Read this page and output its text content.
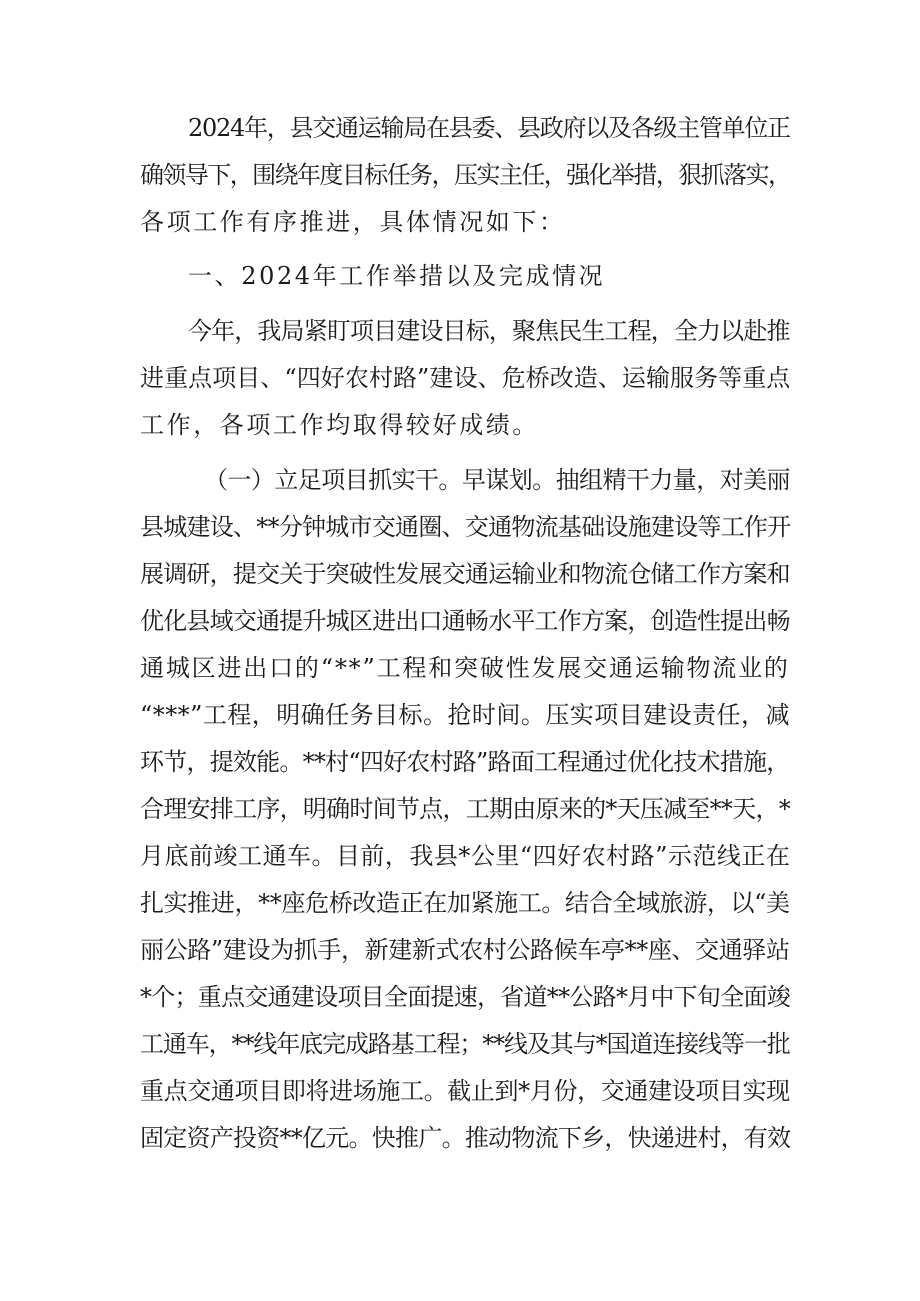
2024年，县交通运输局在县委、县政府以及各级主管单位正
确领导下，围绕年度目标任务，压实主任，强化举措，狠抓落实，
各项工作有序推进，具体情况如下：
一、2024年工作举措以及完成情况
今年，我局紧盯项目建设目标，聚焦民生工程，全力以赴推
进重点项目、“四好农村路”建设、危桥改造、运输服务等重点
工作，各项工作均取得较好成绩。
（一）立足项目抓实干。早谋划。抽组精干力量，对美丽
县城建设、**分钟城市交通圈、交通物流基础设施建设等工作开
展调研，提交关于突破性发展交通运输业和物流仓储工作方案和
优化县域交通提升城区进出口通畅水平工作方案，创造性提出畅
通城区进出口的“**”工程和突破性发展交通运输物流业的
“***”工程，明确任务目标。抢时间。压实项目建设责任，减
环节，提效能。**村“四好农村路”路面工程通过优化技术措施，
合理安排工序，明确时间节点，工期由原来的*天压减至**天，*
月底前竣工通车。目前，我县*公里“四好农村路”示范线正在
扎实推进，**座危桥改造正在加紧施工。结合全域旅游，以“美
丽公路”建设为抓手，新建新式农村公路候车亭**座、交通驿站
*个；重点交通建设项目全面提速，省道**公路*月中下旬全面竣
工通车，**线年底完成路基工程；**线及其与*国道连接线等一批
重点交通项目即将进场施工。截止到*月份，交通建设项目实现
固定资产投资**亿元。快推广。推动物流下乡，快递进村，有效
